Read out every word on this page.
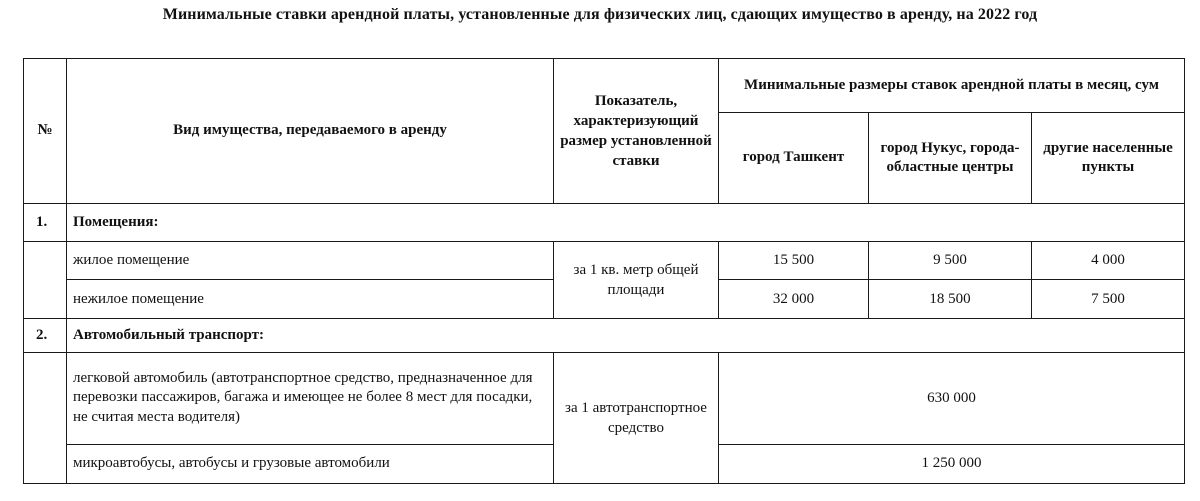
Минимальные ставки арендной платы, установленные для физических лиц, сдающих имущество в аренду, на 2022 год
№	Вид имущества, передаваемого в аренду	Показатель, характеризующий размер установленной ставки	Минимальные размеры ставок арендной платы в месяц, сум		
			город Ташкент	город Нукус, города-областные центры	другие населенные пункты
1.	Помещения:				
	жилое помещение	за 1 кв. метр общей площади	15 500	9 500	4 000
	нежилое помещение		32 000	18 500	7 500
2.	Автомобильный транспорт:				
	легковой автомобиль (автотранспортное средство, предназначенное для перевозки пассажиров, багажа и имеющее не более 8 мест для посадки, не считая места водителя)	за 1 автотранспортное средство	630 000		
	микроавтобусы, автобусы и грузовые автомобили		1 250 000		
